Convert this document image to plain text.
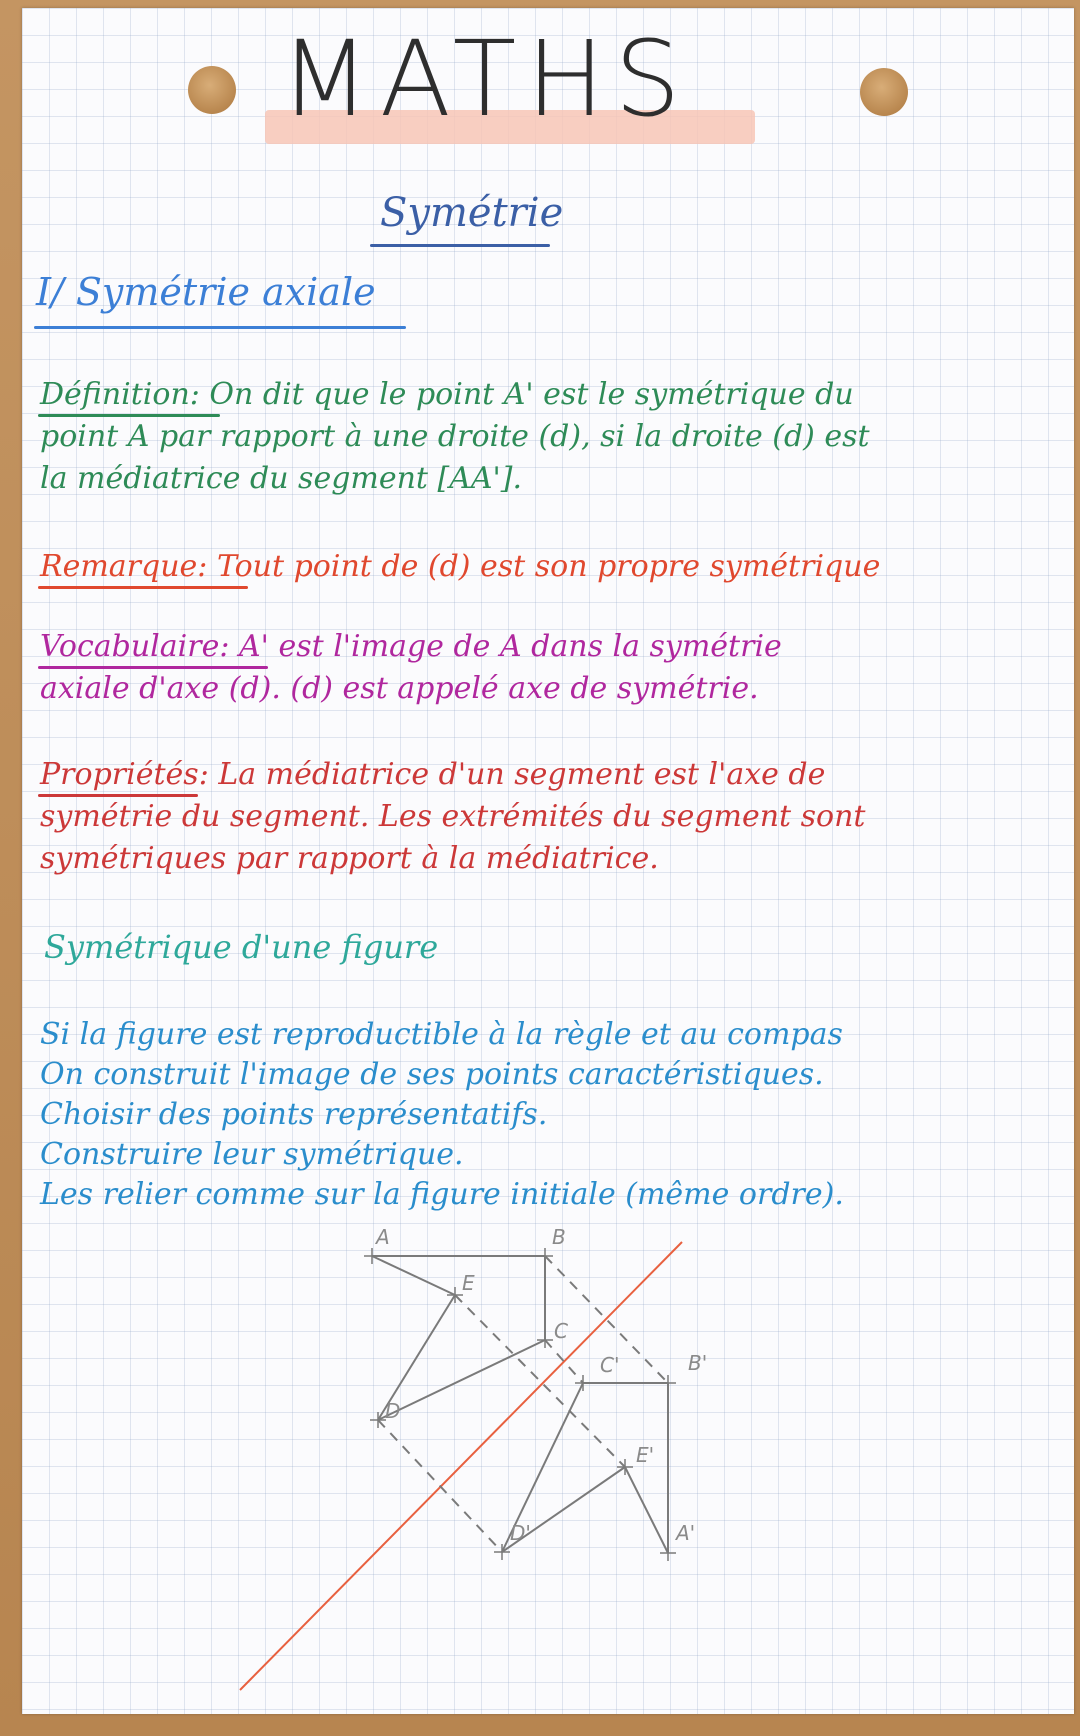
MATHS
Symétrie
I/ Symétrie axiale
Définition: On dit que le point A' est le symétrique du
point A par rapport à une droite (d), si la droite (d) est
la médiatrice du segment [AA'].
Remarque: Tout point de (d) est son propre symétrique
Vocabulaire: A' est l'image de A dans la symétrie
axiale d'axe (d). (d) est appelé axe de symétrie.
Propriétés: La médiatrice d'un segment est l'axe de
symétrie du segment. Les extrémités du segment sont
symétriques par rapport à la médiatrice.
Symétrique d'une figure
Si la figure est reproductible à la règle et au compas
On construit l'image de ses points caractéristiques.
Choisir des points représentatifs.
Construire leur symétrique.
Les relier comme sur la figure initiale (même ordre).
A	B
C
D
E
A'
B'
C'
D'
E'
